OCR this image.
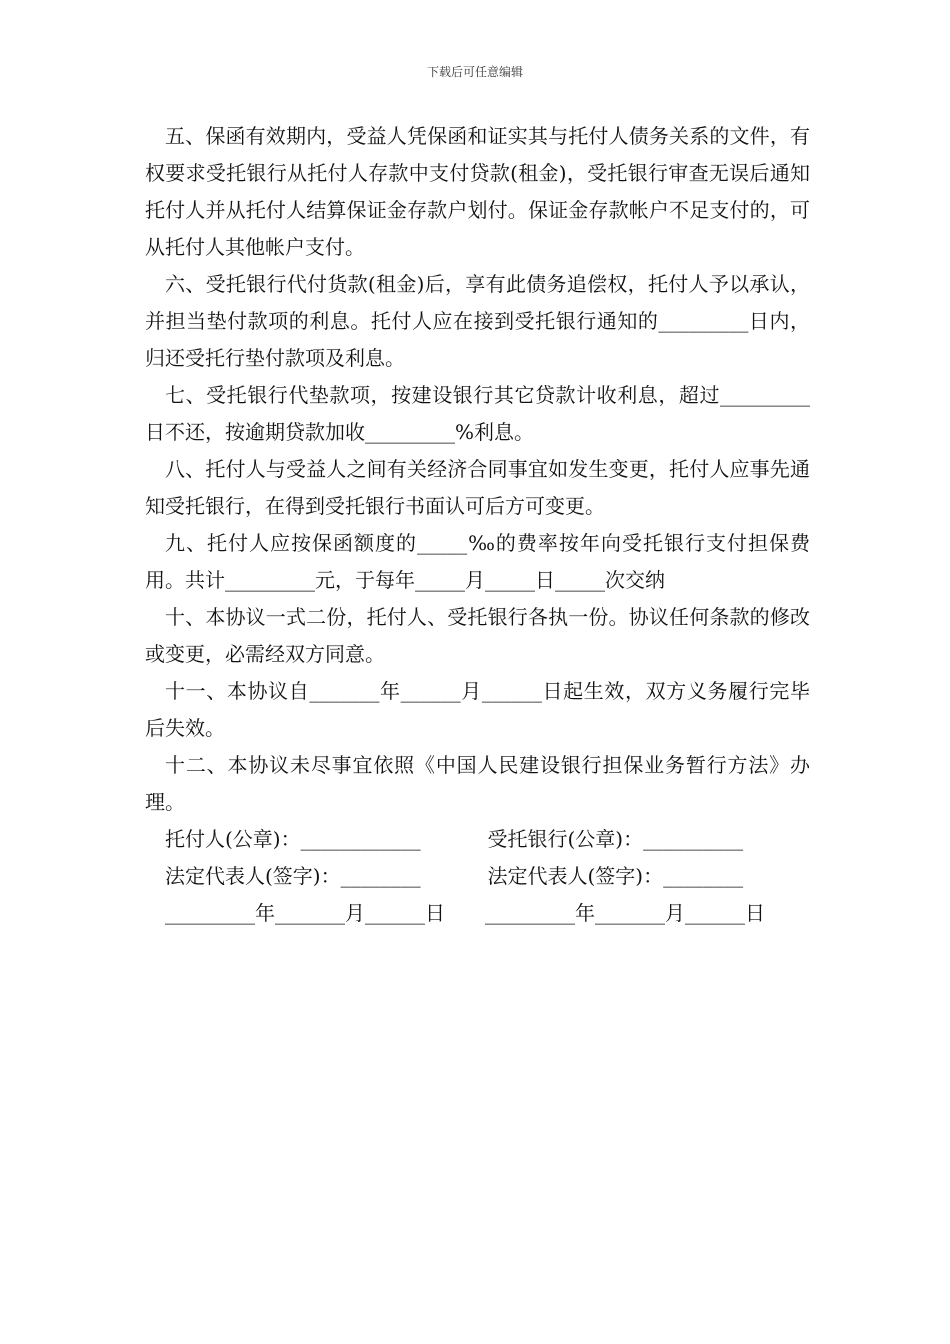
下载后可任意编辑

五、保函有效期内，受益人凭保函和证实其与托付人债务关系的文件，有权要求受托银行从托付人存款中支付贷款(租金)，受托银行审查无误后通知托付人并从托付人结算保证金存款户划付。保证金存款帐户不足支付的，可从托付人其他帐户支付。

六、受托银行代付货款(租金)后，享有此债务追偿权，托付人予以承认，并担当垫付款项的利息。托付人应在接到受托银行通知的_________日内，归还受托行垫付款项及利息。

七、受托银行代垫款项，按建设银行其它贷款计收利息，超过_________日不还，按逾期贷款加收_________%利息。

八、托付人与受益人之间有关经济合同事宜如发生变更，托付人应事先通知受托银行，在得到受托银行书面认可后方可变更。

九、托付人应按保函额度的_____‰的费率按年向受托银行支付担保费用。共计_________元，于每年_____月_____日_____次交纳

十、本协议一式二份，托付人、受托银行各执一份。协议任何条款的修改或变更，必需经双方同意。

十一、本协议自_______年______月______日起生效，双方义务履行完毕后失效。

十二、本协议未尽事宜依照《中国人民建设银行担保业务暂行方法》办理。

托付人(公章)：____________	受托银行(公章)：__________
法定代表人(签字)：________	法定代表人(签字)：________

_________年_______月______日　　_________年_______月______日
